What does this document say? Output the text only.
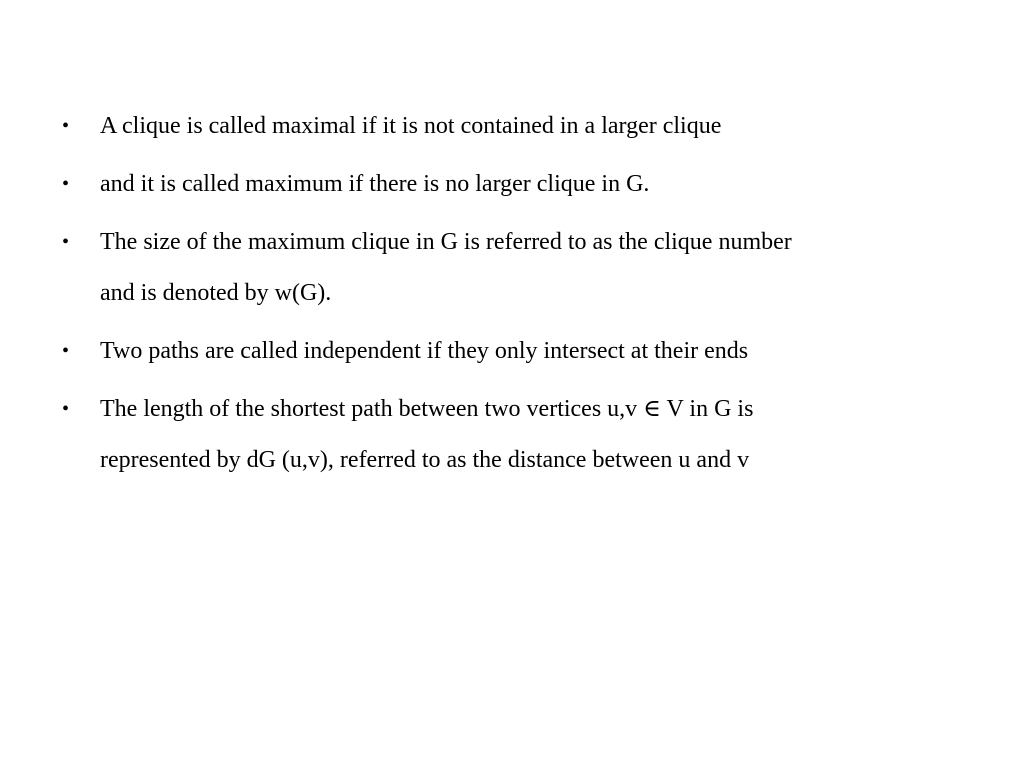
•	A clique is called maximal if it is not contained in a larger clique
•	and it is called maximum if there is no larger clique in G.
•	The size of the maximum clique in G is referred to as the clique number
and is denoted by w(G).
•	Two paths are called independent if they only intersect at their ends
•	The length of the shortest path between two vertices u,v ∈ V in G is
represented by dG (u,v), referred to as the distance between u and v
